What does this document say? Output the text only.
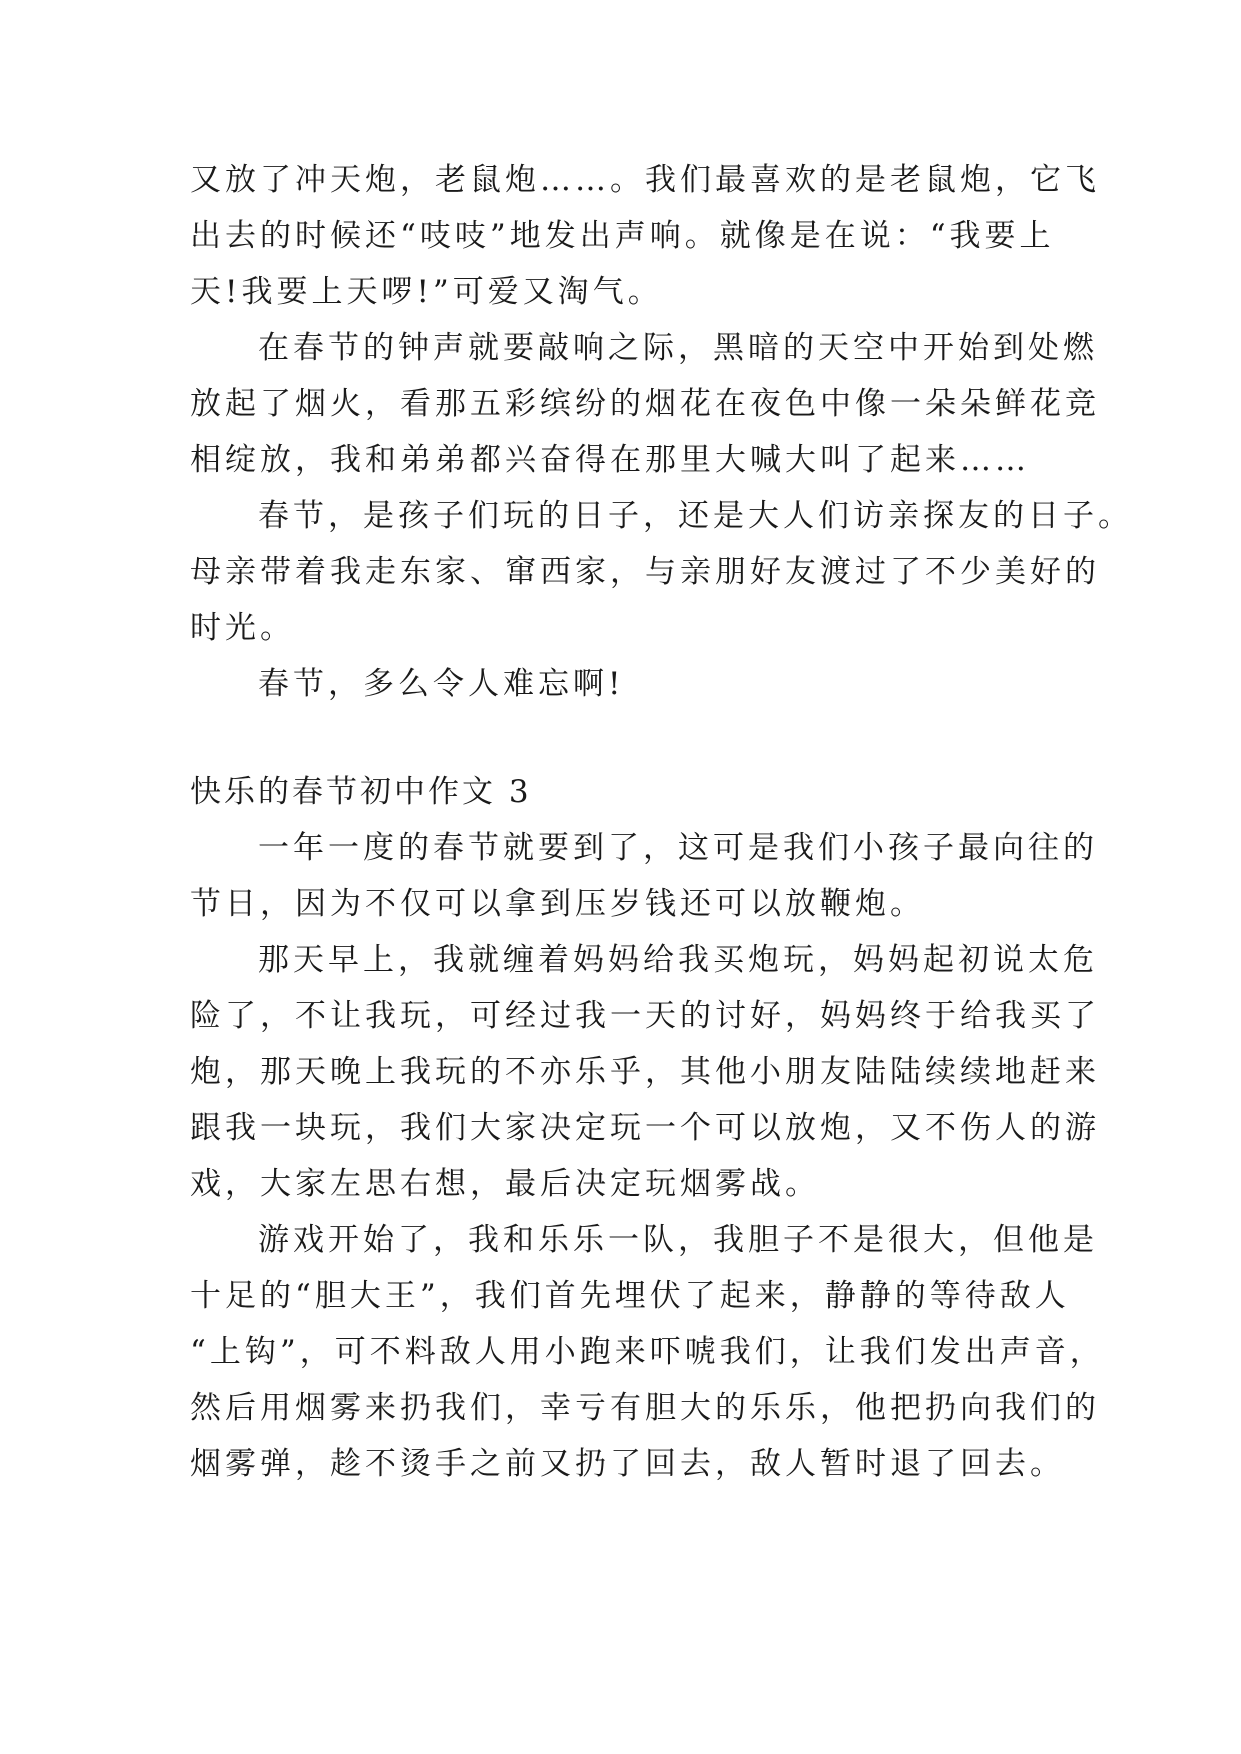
又放了冲天炮，老鼠炮……。我们最喜欢的是老鼠炮，它飞
出去的时候还“吱吱”地发出声响。就像是在说：“我要上
天!我要上天啰!”可爱又淘气。
在春节的钟声就要敲响之际，黑暗的天空中开始到处燃
放起了烟火，看那五彩缤纷的烟花在夜色中像一朵朵鲜花竞
相绽放，我和弟弟都兴奋得在那里大喊大叫了起来……
春节，是孩子们玩的日子，还是大人们访亲探友的日子。
母亲带着我走东家、窜西家，与亲朋好友渡过了不少美好的
时光。
春节，多么令人难忘啊!
快乐的春节初中作文 3
一年一度的春节就要到了，这可是我们小孩子最向往的
节日，因为不仅可以拿到压岁钱还可以放鞭炮。
那天早上，我就缠着妈妈给我买炮玩，妈妈起初说太危
险了，不让我玩，可经过我一天的讨好，妈妈终于给我买了
炮，那天晚上我玩的不亦乐乎，其他小朋友陆陆续续地赶来
跟我一块玩，我们大家决定玩一个可以放炮，又不伤人的游
戏，大家左思右想，最后决定玩烟雾战。
游戏开始了，我和乐乐一队，我胆子不是很大，但他是
十足的“胆大王”，我们首先埋伏了起来，静静的等待敌人
“上钩”，可不料敌人用小跑来吓唬我们，让我们发出声音，
然后用烟雾来扔我们，幸亏有胆大的乐乐，他把扔向我们的
烟雾弹，趁不烫手之前又扔了回去，敌人暂时退了回去。
